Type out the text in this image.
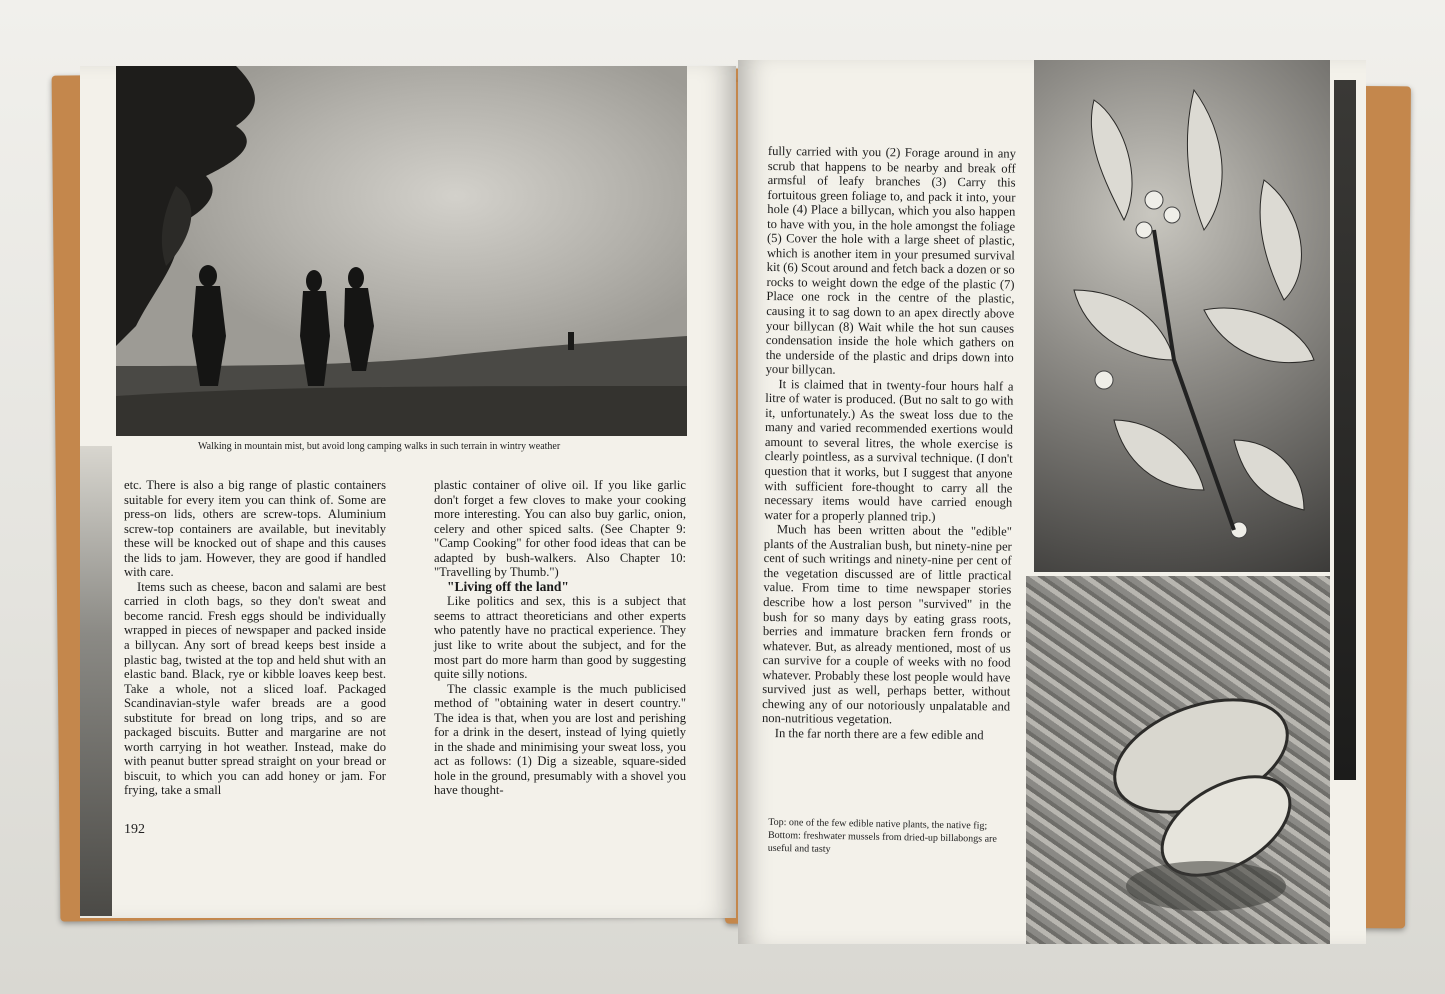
Walking in mountain mist, but avoid long camping walks in such terrain in wintry weather

etc. There is also a big range of plastic containers suitable for every item you can think of. Some are press-on lids, others are screw-tops. Aluminium screw-top containers are available, but inevitably these will be knocked out of shape and this causes the lids to jam. However, they are good if handled with care.

Items such as cheese, bacon and salami are best carried in cloth bags, so they don't sweat and become rancid. Fresh eggs should be individually wrapped in pieces of newspaper and packed inside a billycan. Any sort of bread keeps best inside a plastic bag, twisted at the top and held shut with an elastic band. Black, rye or kibble loaves keep best. Take a whole, not a sliced loaf. Packaged Scandinavian-style wafer breads are a good substitute for bread on long trips, and so are packaged biscuits. Butter and margarine are not worth carrying in hot weather. Instead, make do with peanut butter spread straight on your bread or biscuit, to which you can add honey or jam. For frying, take a small

plastic container of olive oil. If you like garlic don't forget a few cloves to make your cooking more interesting. You can also buy garlic, onion, celery and other spiced salts. (See Chapter 9: "Camp Cooking" for other food ideas that can be adapted by bush-walkers. Also Chapter 10: "Travelling by Thumb.")

"Living off the land"

Like politics and sex, this is a subject that seems to attract theoreticians and other experts who patently have no practical experience. They just like to write about the subject, and for the most part do more harm than good by suggesting quite silly notions.

The classic example is the much publicised method of "obtaining water in desert country." The idea is that, when you are lost and perishing for a drink in the desert, instead of lying quietly in the shade and minimising your sweat loss, you act as follows: (1) Dig a sizeable, square-sided hole in the ground, presumably with a shovel you have thought-

192

fully carried with you (2) Forage around in any scrub that happens to be nearby and break off armsful of leafy branches (3) Carry this fortuitous green foliage to, and pack it into, your hole (4) Place a billycan, which you also happen to have with you, in the hole amongst the foliage (5) Cover the hole with a large sheet of plastic, which is another item in your presumed survival kit (6) Scout around and fetch back a dozen or so rocks to weight down the edge of the plastic (7) Place one rock in the centre of the plastic, causing it to sag down to an apex directly above your billycan (8) Wait while the hot sun causes condensation inside the hole which gathers on the underside of the plastic and drips down into your billycan.

It is claimed that in twenty-four hours half a litre of water is produced. (But no salt to go with it, unfortunately.) As the sweat loss due to the many and varied recommended exertions would amount to several litres, the whole exercise is clearly pointless, as a survival technique. (I don't question that it works, but I suggest that anyone with sufficient fore-thought to carry all the necessary items would have carried enough water for a properly planned trip.)

Much has been written about the "edible" plants of the Australian bush, but ninety-nine per cent of such writings and ninety-nine per cent of the vegetation discussed are of little practical value. From time to time newspaper stories describe how a lost person "survived" in the bush for so many days by eating grass roots, berries and immature bracken fern fronds or whatever. But, as already mentioned, most of us can survive for a couple of weeks with no food whatever. Probably these lost people would have survived just as well, perhaps better, without chewing any of our notoriously unpalatable and non-nutritious vegetation.

In the far north there are a few edible and

Top: one of the few edible native plants, the native fig; Bottom: freshwater mussels from dried-up billabongs are useful and tasty
